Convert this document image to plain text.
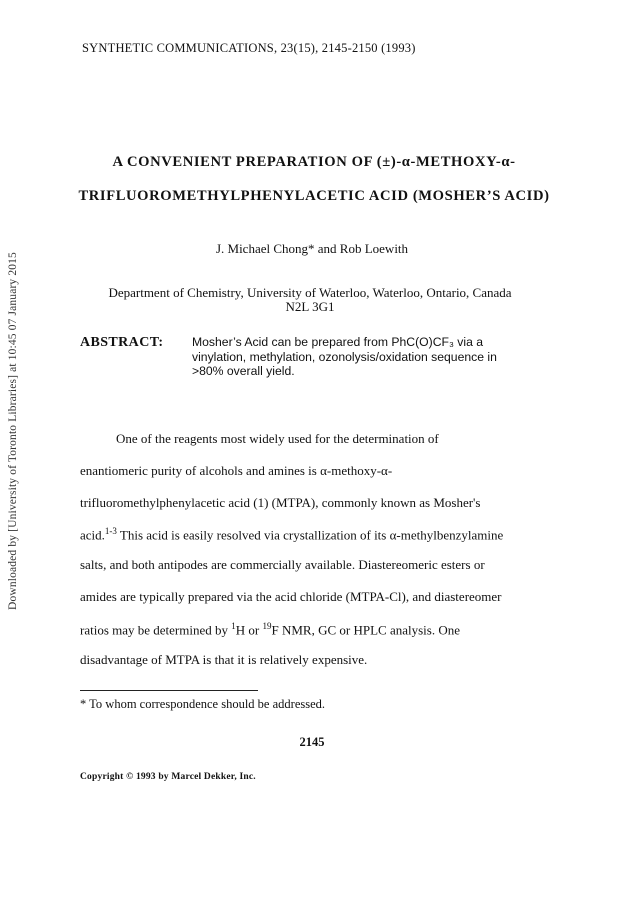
Downloaded by [University of Toronto Libraries] at 10:45 07 January 2015
SYNTHETIC COMMUNICATIONS, 23(15), 2145-2150 (1993)
A CONVENIENT PREPARATION OF (±)-α-METHOXY-α-
TRIFLUOROMETHYLPHENYLACETIC ACID (MOSHER’S ACID)
J. Michael Chong* and Rob Loewith
Department of Chemistry, University of Waterloo, Waterloo, Ontario, Canada
N2L 3G1
ABSTRACT: Mosher’s Acid can be prepared from PhC(O)CF₃ via a
vinylation, methylation, ozonolysis/oxidation sequence in
>80% overall yield.
One of the reagents most widely used for the determination of
enantiomeric purity of alcohols and amines is α-methoxy-α-
trifluoromethylphenylacetic acid (1) (MTPA), commonly known as Mosher's
acid.$^{1-3}$ This acid is easily resolved via crystallization of its α-methylbenzylamine
salts, and both antipodes are commercially available. Diastereomeric esters or
amides are typically prepared via the acid chloride (MTPA-Cl), and diastereomer
ratios may be determined by $^1$H or $^{19}$F NMR, GC or HPLC analysis. One
disadvantage of MTPA is that it is relatively expensive.
* To whom correspondence should be addressed.
2145
Copyright © 1993 by Marcel Dekker, Inc.
